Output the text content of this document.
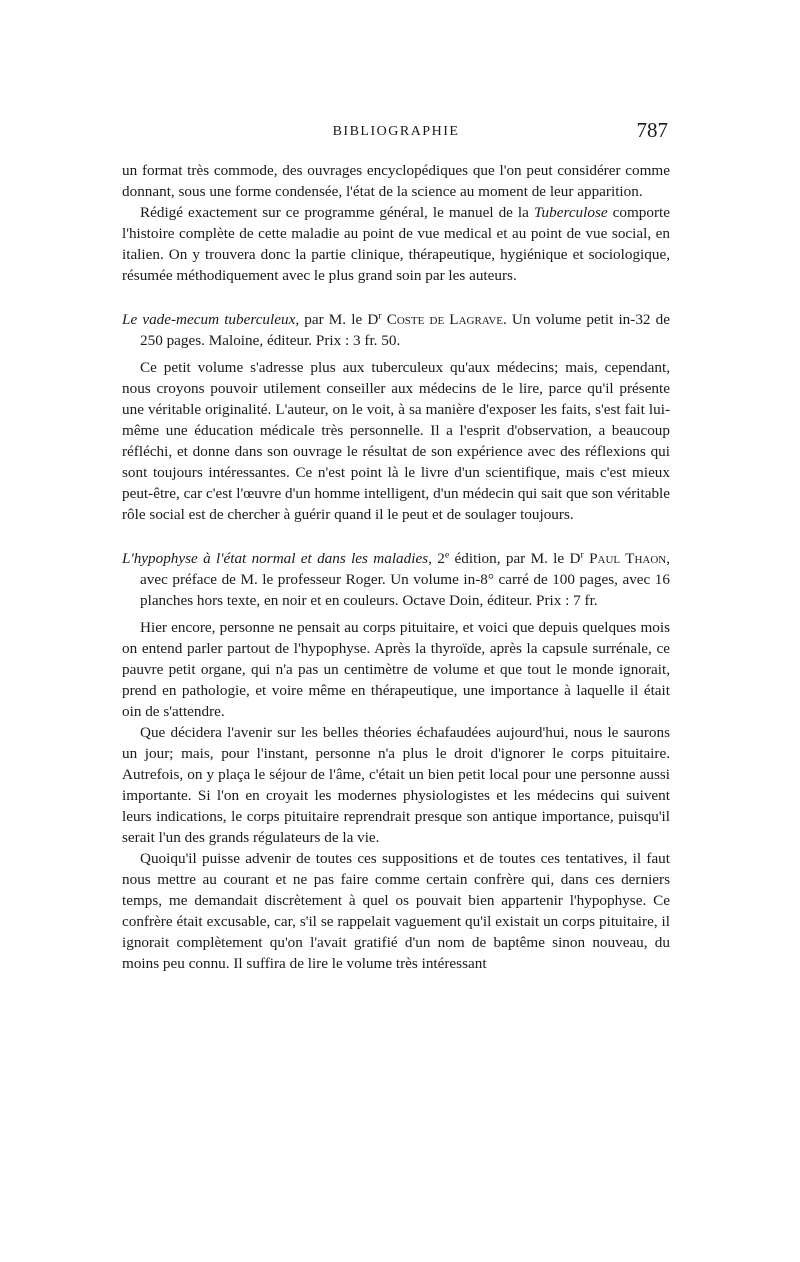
BIBLIOGRAPHIE	787

un format très commode, des ouvrages encyclopédiques que l'on peut considérer comme donnant, sous une forme condensée, l'état de la science au moment de leur apparition.

Rédigé exactement sur ce programme général, le manuel de la Tuberculose comporte l'histoire complète de cette maladie au point de vue medical et au point de vue social, en italien. On y trouvera donc la partie clinique, thérapeutique, hygiénique et sociologique, résumée méthodiquement avec le plus grand soin par les auteurs.

Le vade-mecum tuberculeux, par M. le $D^r$ Coste de Lagrave. Un volume petit in-32 de 250 pages. Maloine, éditeur. Prix : 3 fr. 50.

Ce petit volume s'adresse plus aux tuberculeux qu'aux médecins; mais, cependant, nous croyons pouvoir utilement conseiller aux médecins de le lire, parce qu'il présente une véritable originalité. L'auteur, on le voit, à sa manière d'exposer les faits, s'est fait lui-même une éducation médicale très personnelle. Il a l'esprit d'observation, a beaucoup réfléchi, et donne dans son ouvrage le résultat de son expérience avec des réflexions qui sont toujours intéressantes. Ce n'est point là le livre d'un scientifique, mais c'est mieux peut-être, car c'est l'œuvre d'un homme intelligent, d'un médecin qui sait que son véritable rôle social est de chercher à guérir quand il le peut et de soulager toujours.

L'hypophyse à l'état normal et dans les maladies, 2e édition, par M. le $D^r$ Paul Thaon, avec préface de M. le professeur Roger. Un volume in-8° carré de 100 pages, avec 16 planches hors texte, en noir et en couleurs. Octave Doin, éditeur. Prix : 7 fr.

Hier encore, personne ne pensait au corps pituitaire, et voici que depuis quelques mois on entend parler partout de l'hypophyse. Après la thyroïde, après la capsule surrénale, ce pauvre petit organe, qui n'a pas un centimètre de volume et que tout le monde ignorait, prend en pathologie, et voire même en thérapeutique, une importance à laquelle il était oin de s'attendre.

Que décidera l'avenir sur les belles théories échafaudées aujourd'hui, nous le saurons un jour; mais, pour l'instant, personne n'a plus le droit d'ignorer le corps pituitaire. Autrefois, on y plaça le séjour de l'âme, c'était un bien petit local pour une personne aussi importante. Si l'on en croyait les modernes physiologistes et les médecins qui suivent leurs indications, le corps pituitaire reprendrait presque son antique importance, puisqu'il serait l'un des grands régulateurs de la vie.

Quoiqu'il puisse advenir de toutes ces suppositions et de toutes ces tentatives, il faut nous mettre au courant et ne pas faire comme certain confrère qui, dans ces derniers temps, me demandait discrètement à quel os pouvait bien appartenir l'hypophyse. Ce confrère était excusable, car, s'il se rappelait vaguement qu'il existait un corps pituitaire, il ignorait complètement qu'on l'avait gratifié d'un nom de baptême sinon nouveau, du moins peu connu. Il suffira de lire le volume très intéressant
